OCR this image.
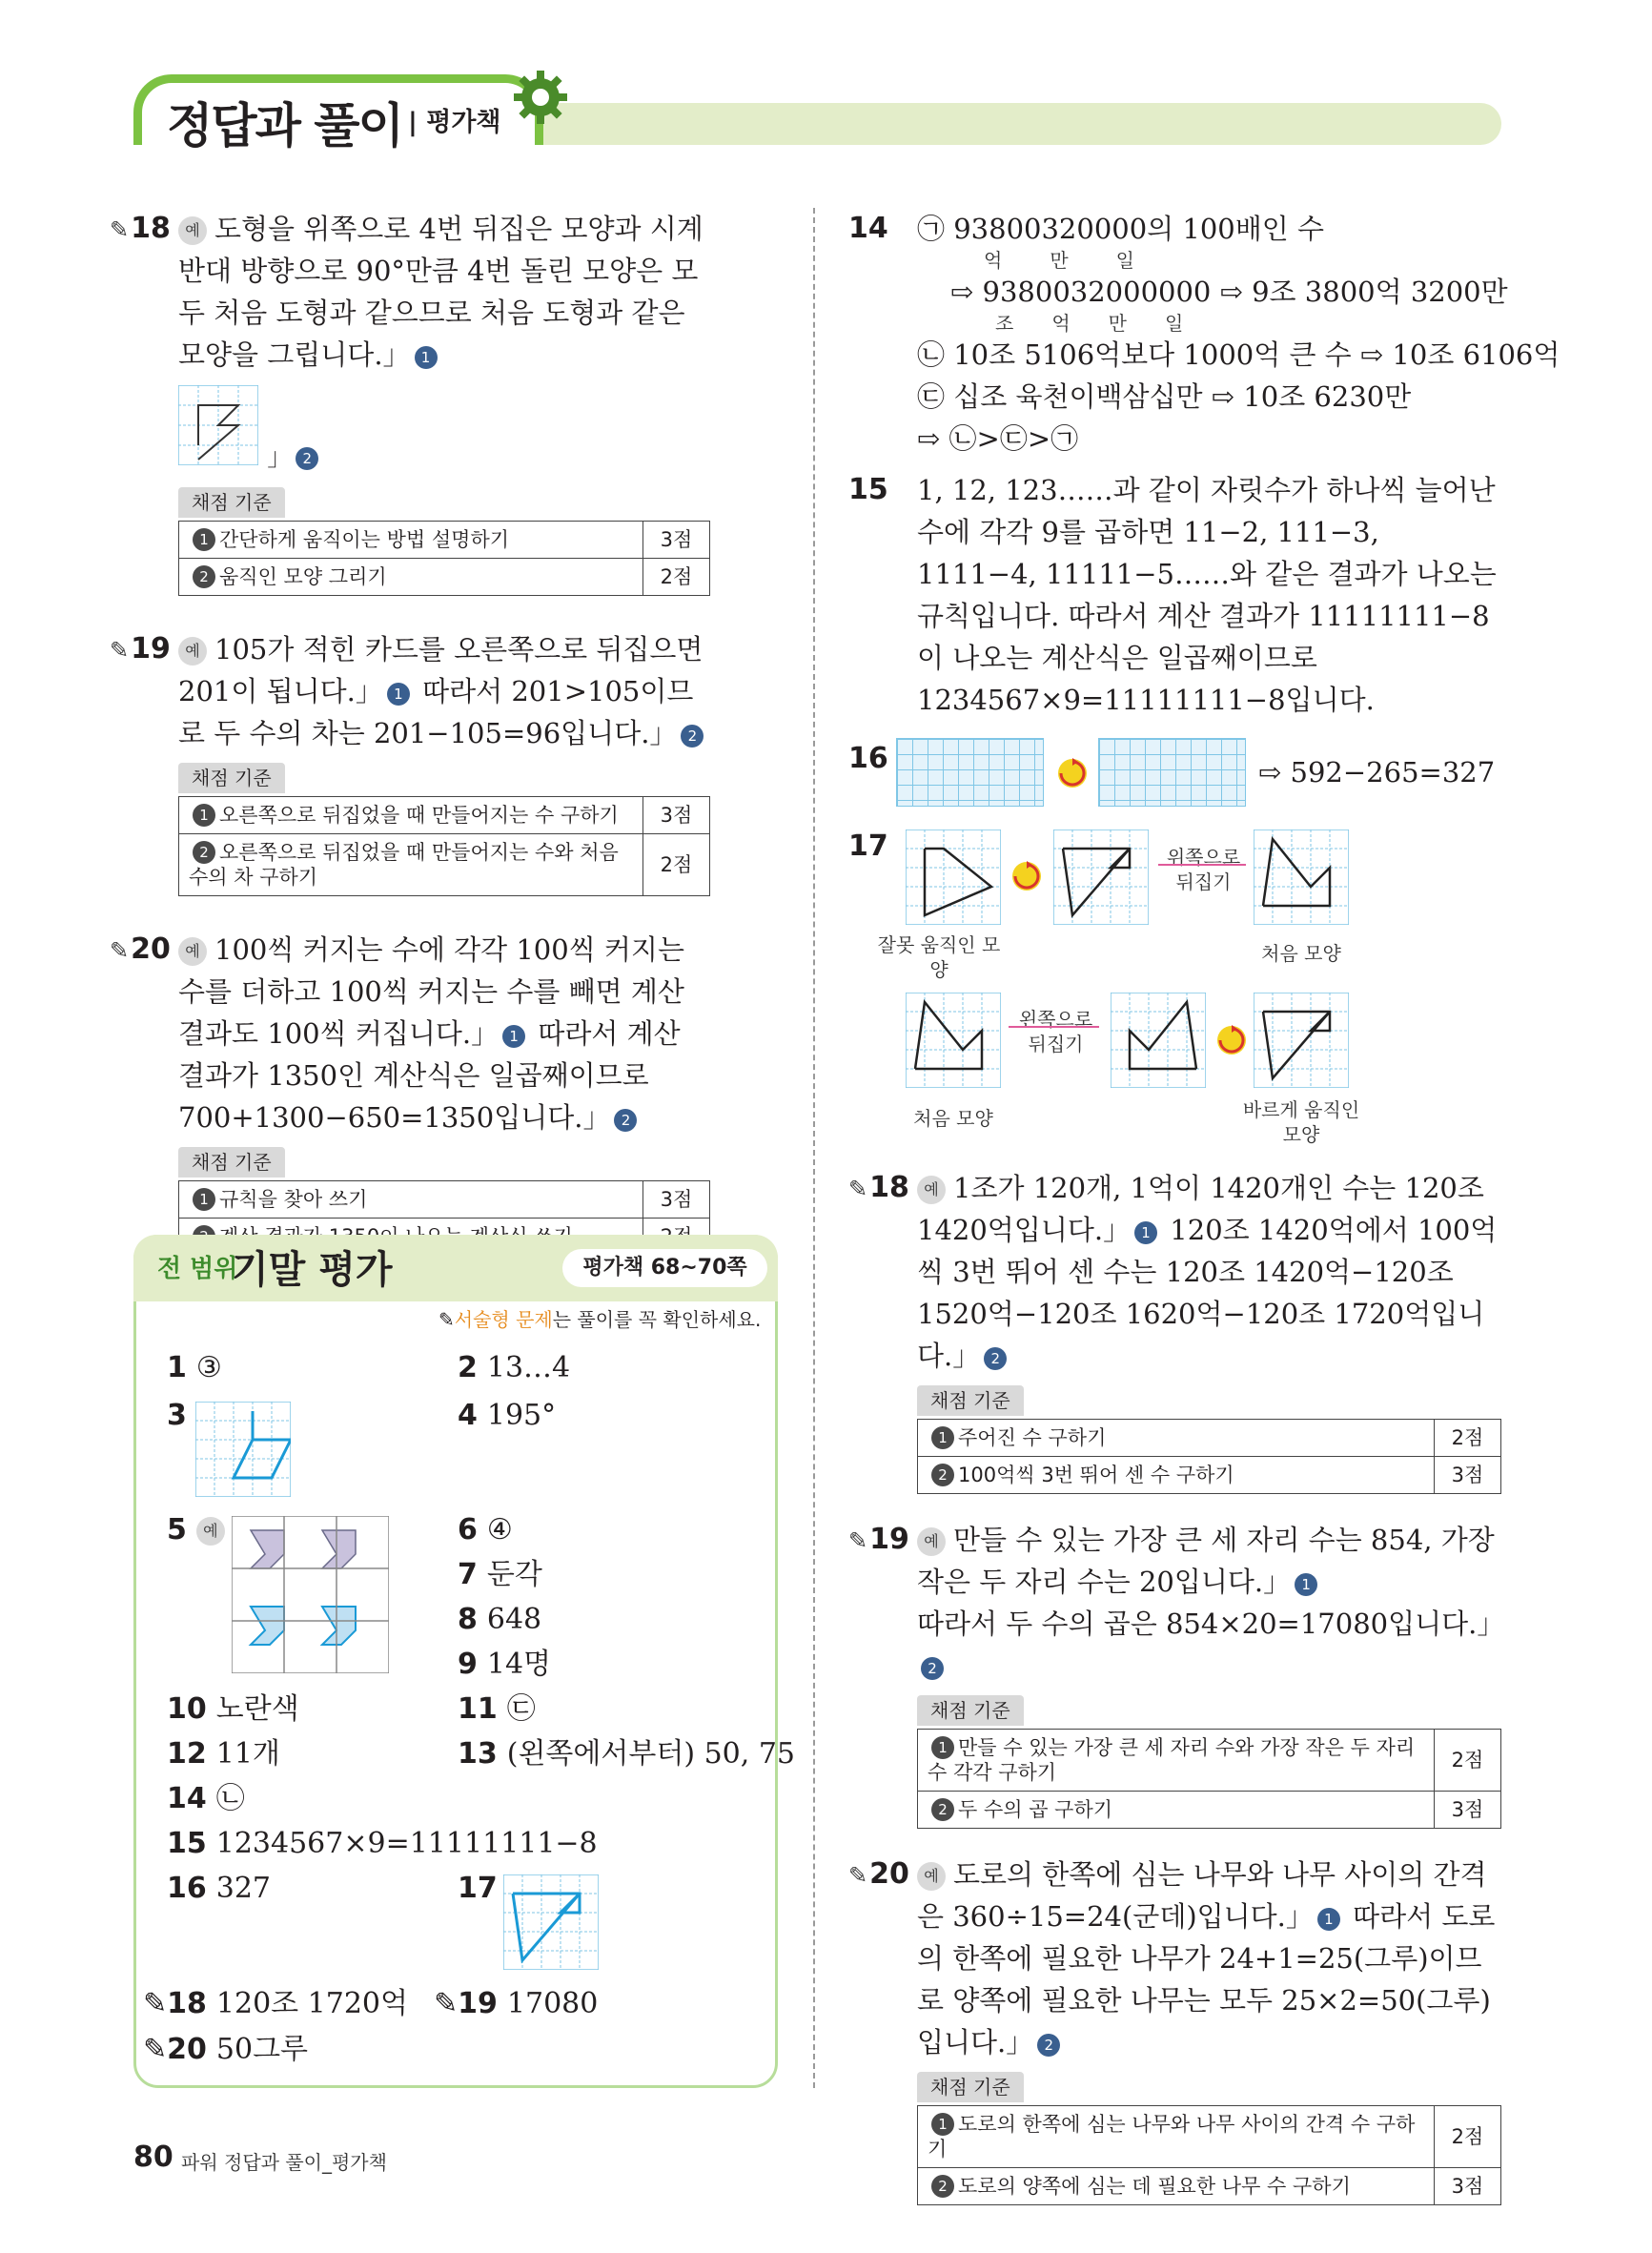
정답과 풀이 | 평가책
✎18 예 도형을 위쪽으로 4번 뒤집은 모양과 시계 반대 방향으로 90°만큼 4번 돌린 모양은 모두 처음 도형과 같으므로 처음 도형과 같은 모양을 그립니다.」 1
」 2
채점 기준
1 간단하게 움직이는 방법 설명하기	3점
2 움직인 모양 그리기	2점
✎19 예 105가 적힌 카드를 오른쪽으로 뒤집으면 201이 됩니다.」 1 따라서 201>105이므로 두 수의 차는 201−105=96입니다.」 2
채점 기준
1 오른쪽으로 뒤집었을 때 만들어지는 수 구하기	3점
2 오른쪽으로 뒤집었을 때 만들어지는 수와 처음 수의 차 구하기	2점
✎20 예 100씩 커지는 수에 각각 100씩 커지는 수를 더하고 100씩 커지는 수를 빼면 계산 결과도 100씩 커집니다.」 1 따라서 계산 결과가 1350인 계산식은 일곱째이므로 700+1300−650=1350입니다.」 2
채점 기준
1 규칙을 찾아 쓰기	3점

전 범위
기말 평가	평가책 68~70쪽
✎서술형 문제는 풀이를 꼭 확인하세요.
1 ③	2 13…4
3	4 195°
5 예	6 ④
7 둔각
8 648
9 14명
10 노란색	11 ㉢
12 11개	13 (왼쪽에서부터) 50, 75
14 ㉡
15 1234567×9=11111111−8
16 327	17
✎18 120조 1720억 ✎19 17080
✎20 50그루
14 ㉠ 93800320000의 100배인 수
억	만	일
⇨ 9380032000000 ⇨ 9조 3800억 3200만
조 억 만 일
㉡ 10조 5106억보다 1000억 큰 수 ⇨ 10조 6106억
㉢ 십조 육천이백삼십만 ⇨ 10조 6230만
⇨ ㉡>㉢>㉠
15 1, 12, 123……과 같이 자릿수가 하나씩 늘어난 수에 각각 9를 곱하면 11−2, 111−3, 1111−4, 11111−5……와 같은 결과가 나오는 규칙입니다. 따라서 계산 결과가 11111111−8이 나오는 계산식은 일곱째이므로 1234567×9=11111111−8입니다.
16	⇨ 592−265=327
17	위쪽으로 뒤집기
잘못 움직인 모양
처음 모양
왼쪽으로 뒤집기
처음 모양	바르게 움직인 모양
✎18 예 1조가 120개, 1억이 1420개인 수는 120조 1420억입니다.」 1 120조 1420억에서 100억씩 3번 뛰어 센 수는 120조 1420억−120조 1520억−120조 1620억−120조 1720억입니다.」 2
채점 기준
1 주어진 수 구하기	2점
2 100억씩 3번 뛰어 센 수 구하기	3점
✎19 예 만들 수 있는 가장 큰 세 자리 수는 854, 가장 작은 두 자리 수는 20입니다.」 1
따라서 두 수의 곱은 854×20=17080입니다.」2
채점 기준
1 만들 수 있는 가장 큰 세 자리 수와 가장 작은 두 자리 수 각각 구하기	2점
2 두 수의 곱 구하기	3점
✎20 예 도로의 한쪽에 심는 나무와 나무 사이의 간격은 360÷15=24(군데)입니다.」 1 따라서 도로의 한쪽에 필요한 나무가 24+1=25(그루)이므로 양쪽에 필요한 나무는 모두 25×2=50(그루)입니다.」 2
채점 기준
1 도로의 한쪽에 심는 나무와 나무 사이의 간격 수 구하기	2점
2 도로의 양쪽에 심는 데 필요한 나무 수 구하기	3점
80 파워 정답과 풀이_평가책
